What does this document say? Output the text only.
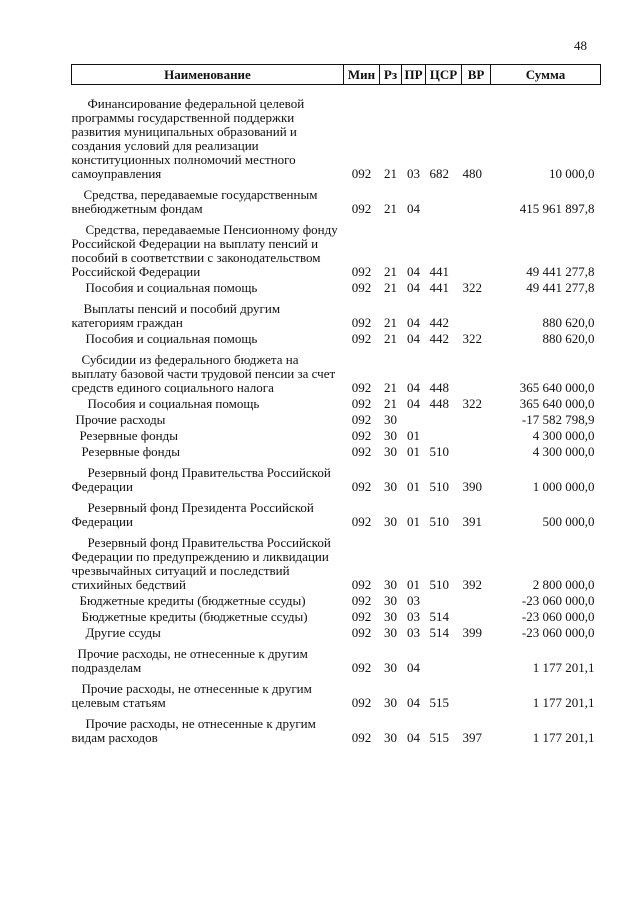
48
Наименование	Мин	Рз	ПР	ЦСР	ВР	Сумма
Финансирование федеральной целевой программы государственной поддержки развития муниципальных образований и создания условий для реализации конституционных полномочий местного самоуправления	092	21	03	682	480	10 000,0
Средства, передаваемые государственным внебюджетным фондам	092	21	04			415 961 897,8
Средства, передаваемые Пенсионному фонду Российской Федерации на выплату пенсий и пособий в соответствии с законодательством Российской Федерации	092	21	04	441		49 441 277,8
Пособия и социальная помощь	092	21	04	441	322	49 441 277,8
Выплаты пенсий и пособий другим категориям граждан	092	21	04	442		880 620,0
Пособия и социальная помощь	092	21	04	442	322	880 620,0
Субсидии из федерального бюджета на выплату базовой части трудовой пенсии за счет средств единого социального налога	092	21	04	448		365 640 000,0
Пособия и социальная помощь	092	21	04	448	322	365 640 000,0
Прочие расходы	092	30				-17 582 798,9
Резервные фонды	092	30	01			4 300 000,0
Резервные фонды	092	30	01	510		4 300 000,0
Резервный фонд Правительства Российской Федерации	092	30	01	510	390	1 000 000,0
Резервный фонд Президента Российской Федерации	092	30	01	510	391	500 000,0
Резервный фонд Правительства Российской Федерации по предупреждению и ликвидации чрезвычайных ситуаций и последствий стихийных бедствий	092	30	01	510	392	2 800 000,0
Бюджетные кредиты (бюджетные ссуды)	092	30	03			-23 060 000,0
Бюджетные кредиты (бюджетные ссуды)	092	30	03	514		-23 060 000,0
Другие ссуды	092	30	03	514	399	-23 060 000,0
Прочие расходы, не отнесенные к другим подразделам	092	30	04			1 177 201,1
Прочие расходы, не отнесенные к другим целевым статьям	092	30	04	515		1 177 201,1
Прочие расходы, не отнесенные к другим видам расходов	092	30	04	515	397	1 177 201,1
